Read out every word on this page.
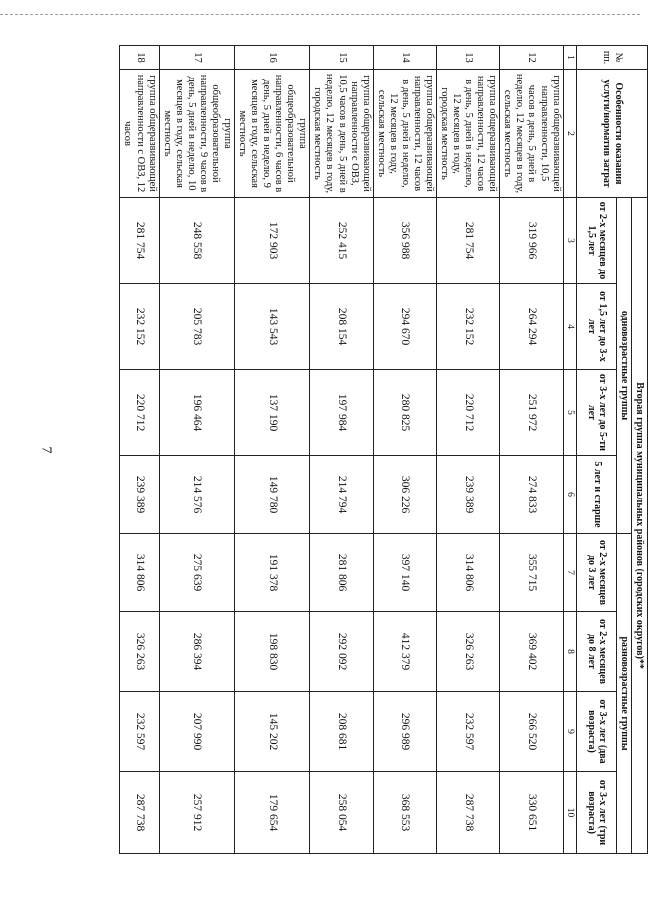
7
№ пп.	Особенности оказания услуги/норматив затрат	Вторая группа муниципальных районов (городских округов)**							
		одновозрастные группы				разновозрастные группы			
		от 2-х месяцев до 1,5 лет	от 1,5 лет до 3-х лет	от 3-х лет до 5-ти лет	5 лет и старше	от 2-х месяцев до 3 лет	от 2-х месяцев до 8 лет	от 3-х лет (два возраста)	от 3-х лет (три возраста)
1	2	3	4	5	6	7	8	9	10
12	группа общеразвивающей направленности, 10,5 часов в день, 5 дней в неделю, 12 месяцев в году, сельская местность	319 966	264 294	251 972	274 833	355 715	369 402	266 520	330 651
13	группа общеразвивающей направленности, 12 часов в день, 5 дней в неделю, 12 месяцев в году, городская местность	281 754	232 152	220 712	239 389	314 806	326 263	232 597	287 738
14	группа общеразвивающей направленности, 12 часов в день, 5 дней в неделю, 12 месяцев в году, сельская местность	356 988	294 670	280 825	306 226	397 140	412 379	296 989	368 553
15	группа общеразвивающей направленности с ОВЗ, 10,5 часов в день, 5 дней в неделю, 12 месяцев в году, городская местность	252 415	208 154	197 984	214 794	281 806	292 092	208 681	258 054
16	группа общеобразовательной направленности, 6 часов в день, 5 дней в неделю, 9 месяцев в году, сельская местность	172 903	143 543	137 190	149 780	191 378	198 830	145 202	179 654
17	группа общеобразовательной направленности, 9 часов в день, 5 дней в неделю, 10 месяцев в году, сельская местность	248 558	205 783	196 464	214 576	275 639	286 394	207 990	257 912
18	группа общеразвивающей направленности с ОВЗ, 12 часов	281 754	232 152	220 712	239 389	314 806	326 263	232 597	287 738
